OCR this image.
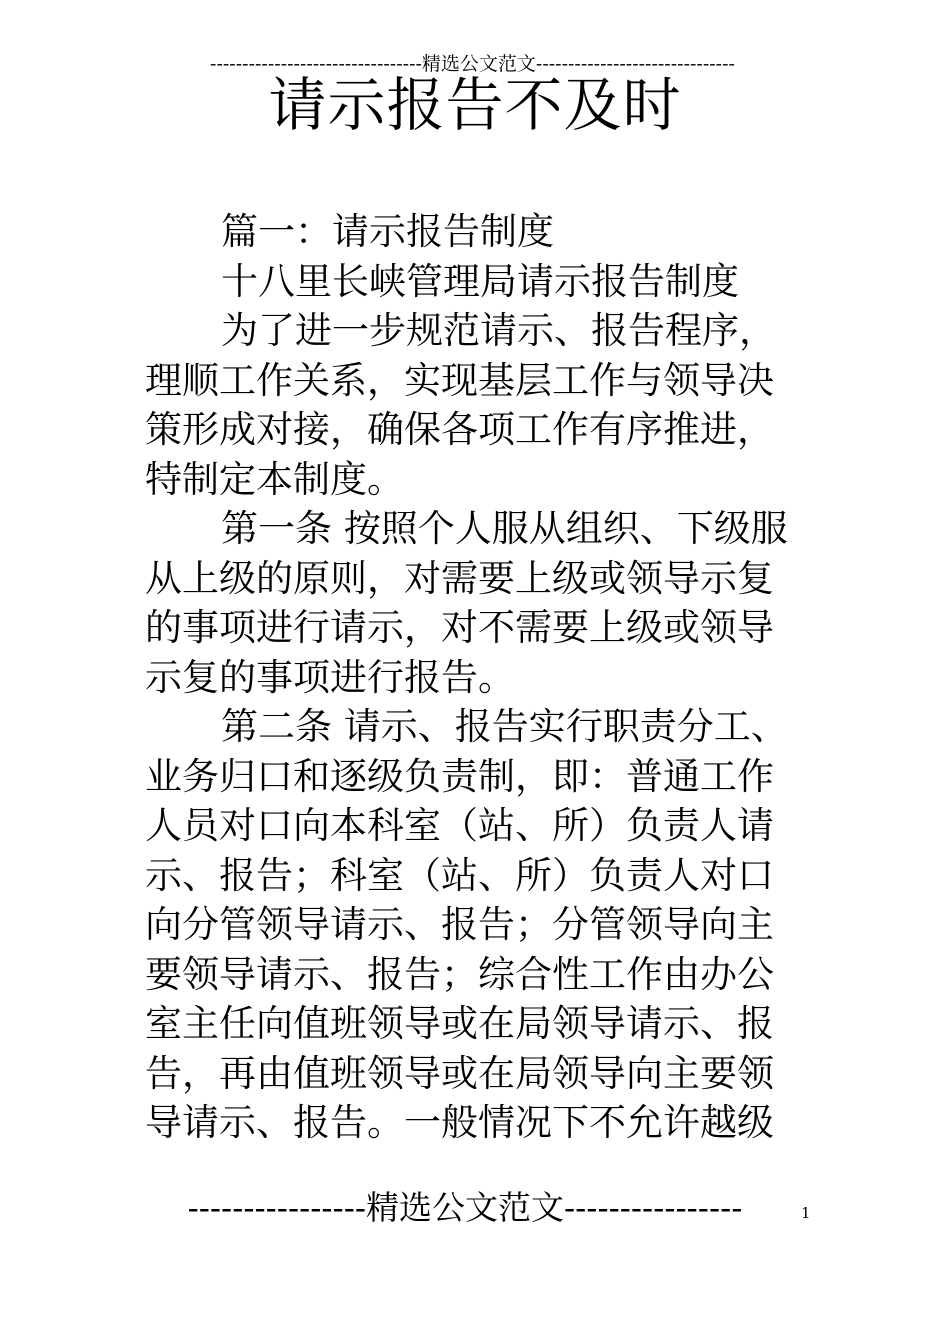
---------------------------------精选公文范文-------------------------------
请示报告不及时

篇一：请示报告制度

十八里长峡管理局请示报告制度

为了进一步规范请示、报告程序，理顺工作关系，实现基层工作与领导决策形成对接，确保各项工作有序推进，特制定本制度。

第一条 按照个人服从组织、下级服从上级的原则，对需要上级或领导示复的事项进行请示，对不需要上级或领导示复的事项进行报告。

第二条 请示、报告实行职责分工、业务归口和逐级负责制，即：普通工作人员对口向本科室（站、所）负责人请示、报告；科室（站、所）负责人对口向分管领导请示、报告；分管领导向主要领导请示、报告；综合性工作由办公室主任向值班领导或在局领导请示、报告，再由值班领导或在局领导向主要领导请示、报告。一般情况下不允许越级

----------------精选公文范文----------------	1
